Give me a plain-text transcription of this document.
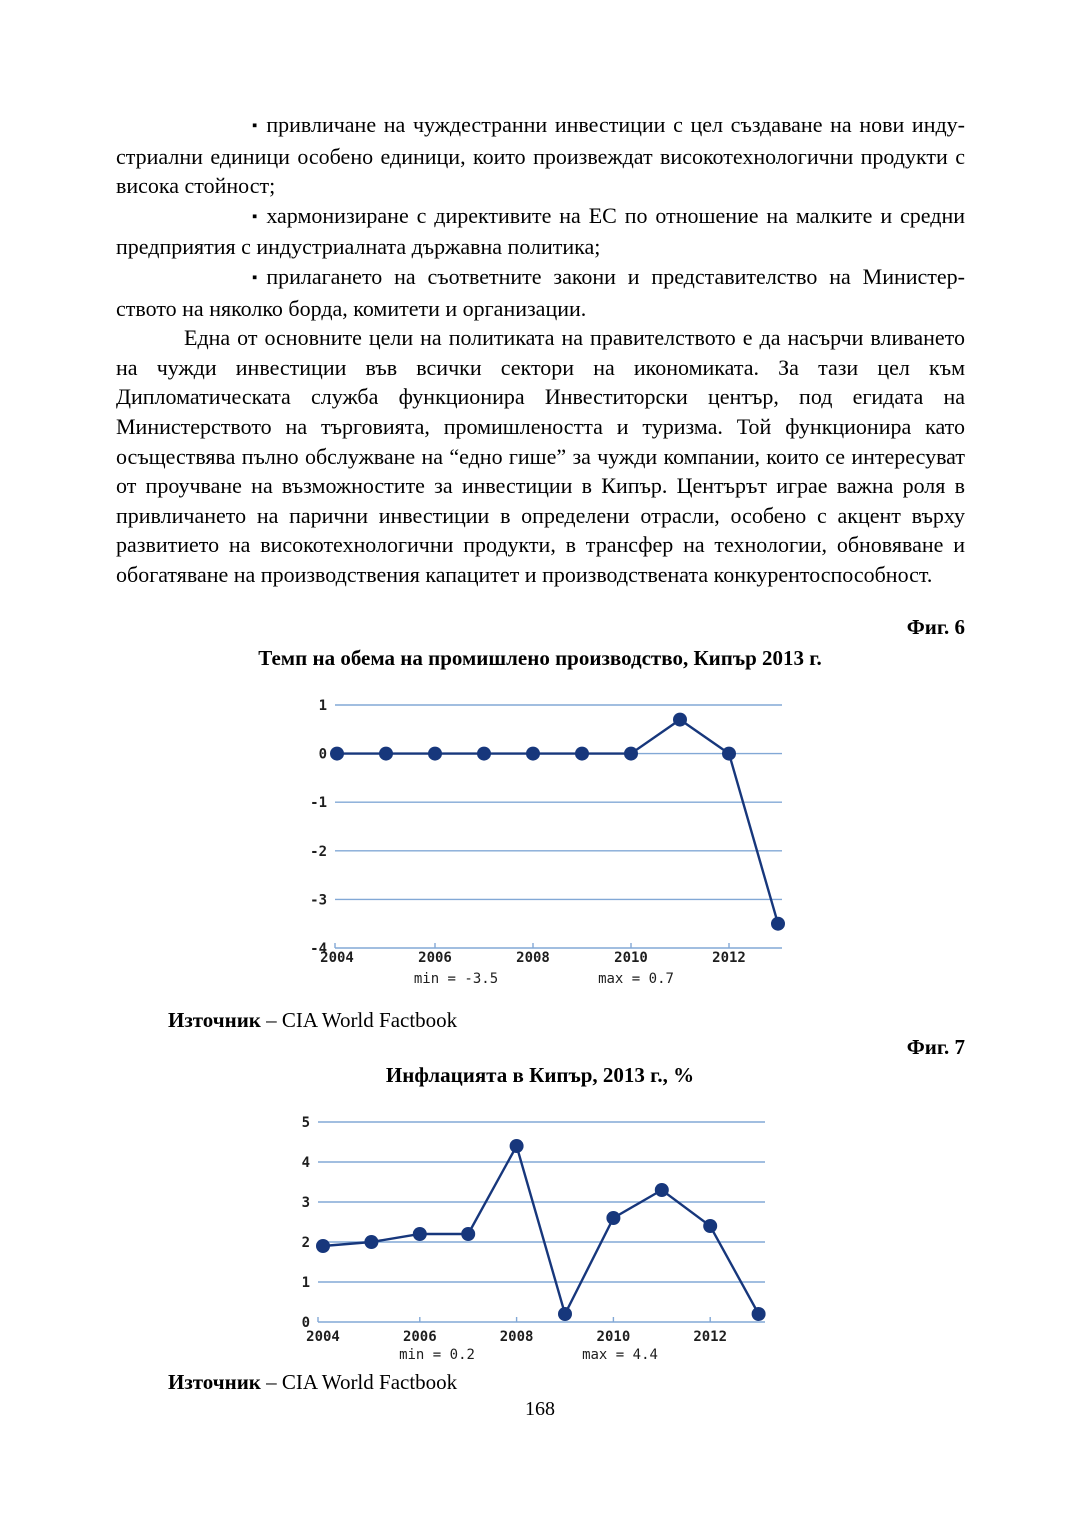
▪ привличане на чуждестранни инвестиции с цел създаване на нови индустриални единици особено единици, които произвеждат високотехнологични продукти с висока стойност;

▪ хармонизиране с директивите на ЕС по отношение на малките и средни предприятия с индустриалната държавна политика;

▪ прилагането на съответните закони и представителство на Министерството на няколко борда, комитети и организации.

Една от основните цели на политиката на правителството е да насърчи вливането на чужди инвестиции във всички сектори на икономиката. За тази цел към Дипломатическата служба функционира Инвеститорски център, под егидата на Министерството на търговията, промишлеността и туризма. Той функционира като осъществява пълно обслужване на “едно гише” за чужди компании, които се интересуват от проучване на възможностите за инвестиции в Кипър. Центърът играе важна роля в привличането на парични инвестиции в определени отрасли, особено с акцент върху развитието на високотехнологични продукти, в трансфер на технологии, обновяване и обогатяване на производствения капацитет и производствената конкурентоспособност.

Фиг. 6
Темп на обема на промишлено производство, Кипър 2013 г.
1
0
-1
-2
-3
-4
2004	2006	2008	2010	2012
min = -3.5	max = 0.7
Източник – CIA World Factbook
Фиг. 7
Инфлацията в Кипър, 2013 г., %
5
4
3
2
1
0
2004	2006	2008	2010	2012
min = 0.2	max = 4.4
Източник – CIA World Factbook
168
